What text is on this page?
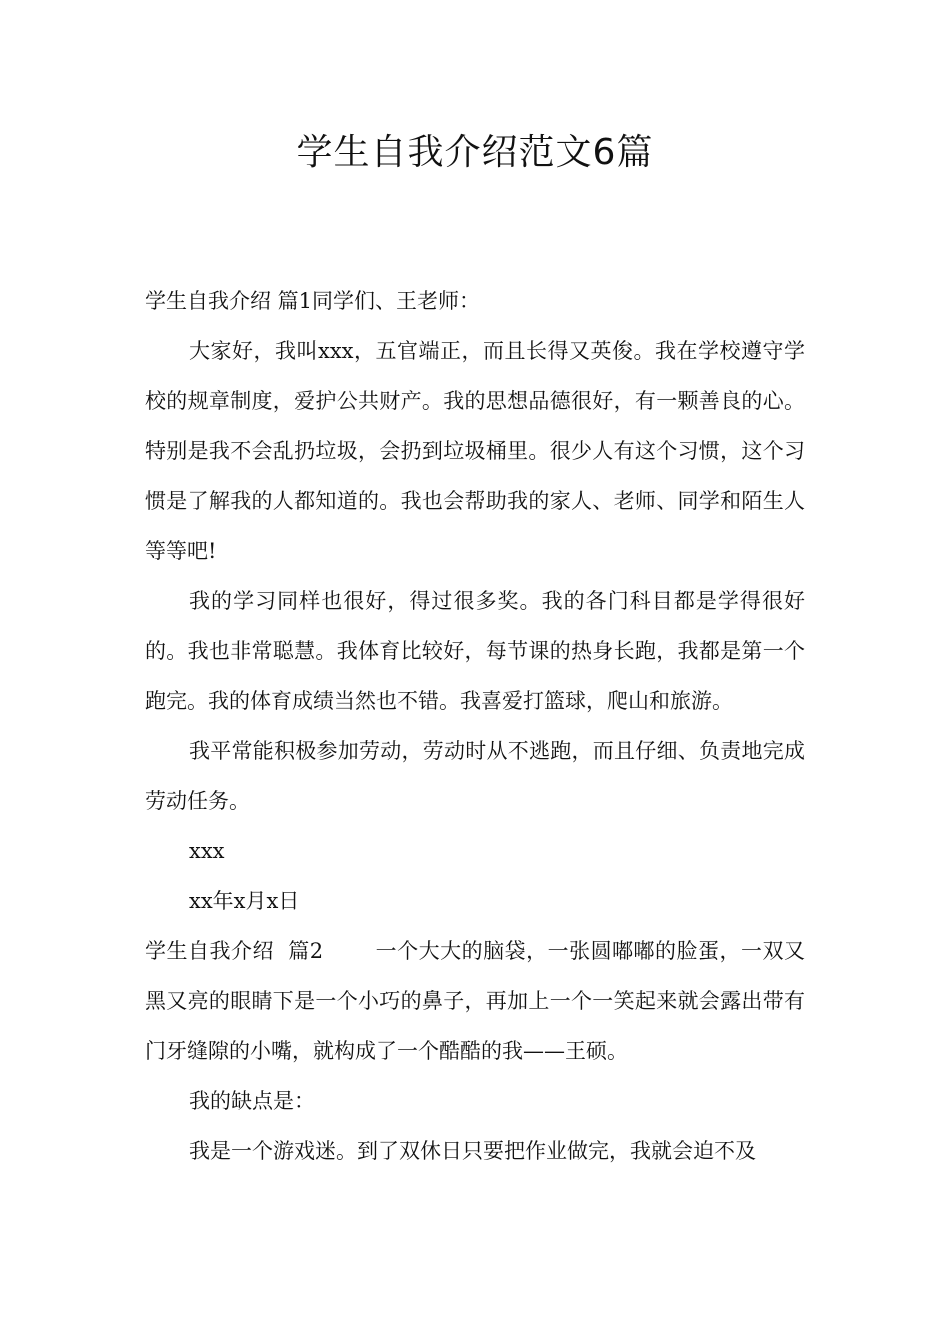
学生自我介绍范文6篇

学生自我介绍 篇1同学们、王老师：

大家好，我叫xxx，五官端正，而且长得又英俊。我在学校遵守学校的规章制度，爱护公共财产。我的思想品德很好，有一颗善良的心。特别是我不会乱扔垃圾，会扔到垃圾桶里。很少人有这个习惯，这个习惯是了解我的人都知道的。我也会帮助我的家人、老师、同学和陌生人等等吧!

我的学习同样也很好，得过很多奖。我的各门科目都是学得很好的。我也非常聪慧。我体育比较好，每节课的热身长跑，我都是第一个跑完。我的体育成绩当然也不错。我喜爱打篮球，爬山和旅游。

我平常能积极参加劳动，劳动时从不逃跑，而且仔细、负责地完成劳动任务。

xxx

xx年x月x日

学生自我介绍  篇2 一个大大的脑袋，一张圆嘟嘟的脸蛋，一双又黑又亮的眼睛下是一个小巧的鼻子，再加上一个一笑起来就会露出带有门牙缝隙的小嘴，就构成了一个酷酷的我——王硕。

我的缺点是：

我是一个游戏迷。到了双休日只要把作业做完，我就会迫不及
